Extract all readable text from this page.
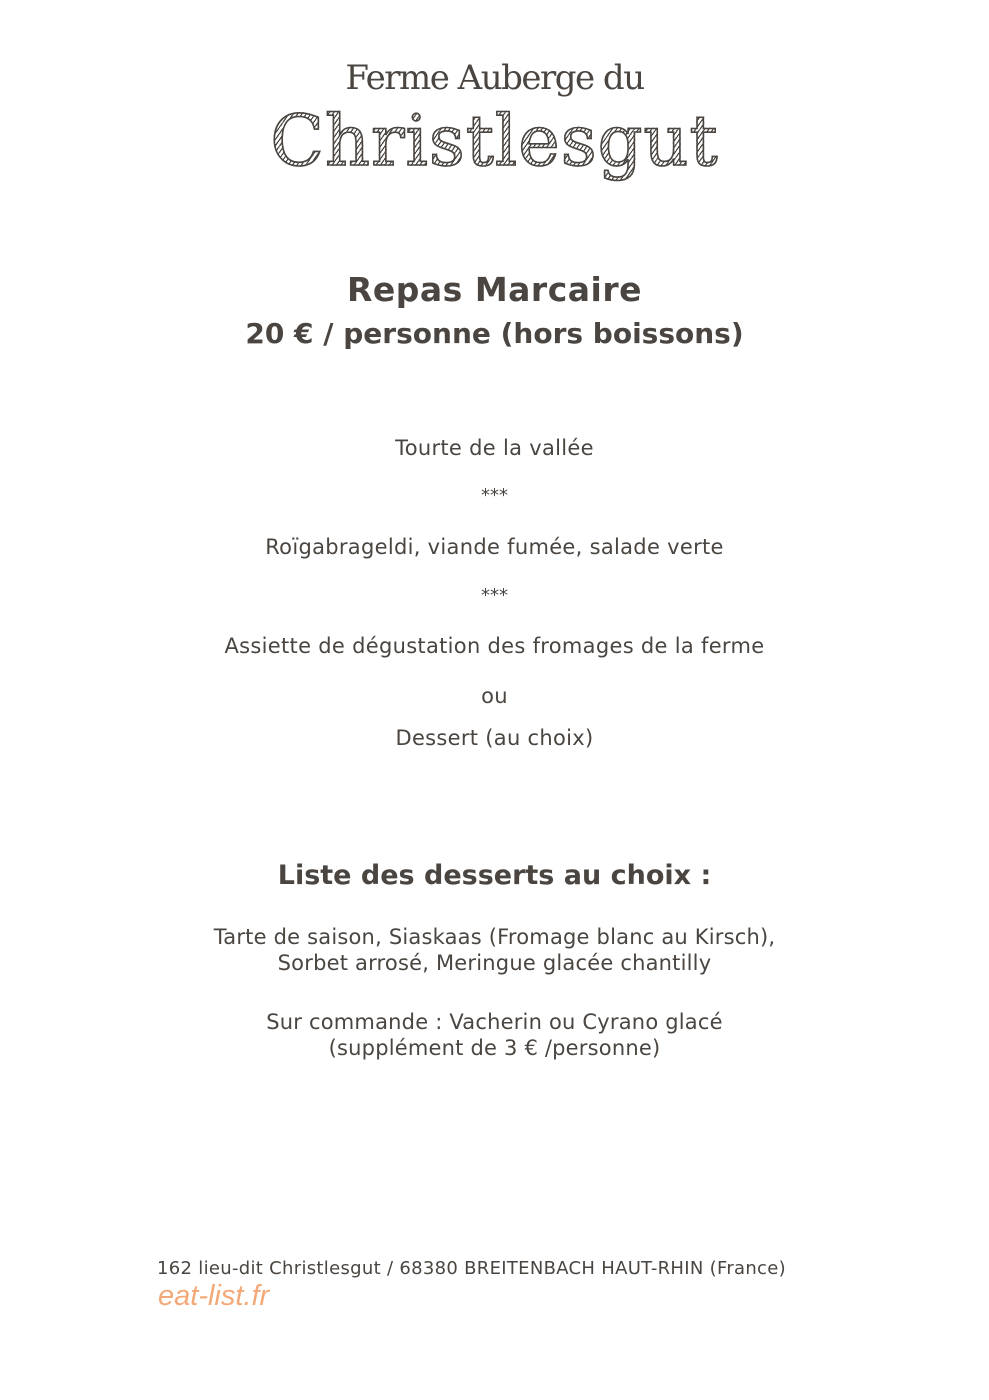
Ferme Auberge du
Christlesgut
Repas Marcaire
20 € / personne (hors boissons)
Tourte de la vallée
***
Roïgabrageldi, viande fumée, salade verte
***
Assiette de dégustation des fromages de la ferme
ou
Dessert (au choix)
Liste des desserts au choix :
Tarte de saison, Siaskaas (Fromage blanc au Kirsch),
Sorbet arrosé, Meringue glacée chantilly
Sur commande : Vacherin ou Cyrano glacé
(supplément de 3 € /personne)
162 lieu-dit Christlesgut / 68380 BREITENBACH HAUT-RHIN (France)
eat-list.fr
